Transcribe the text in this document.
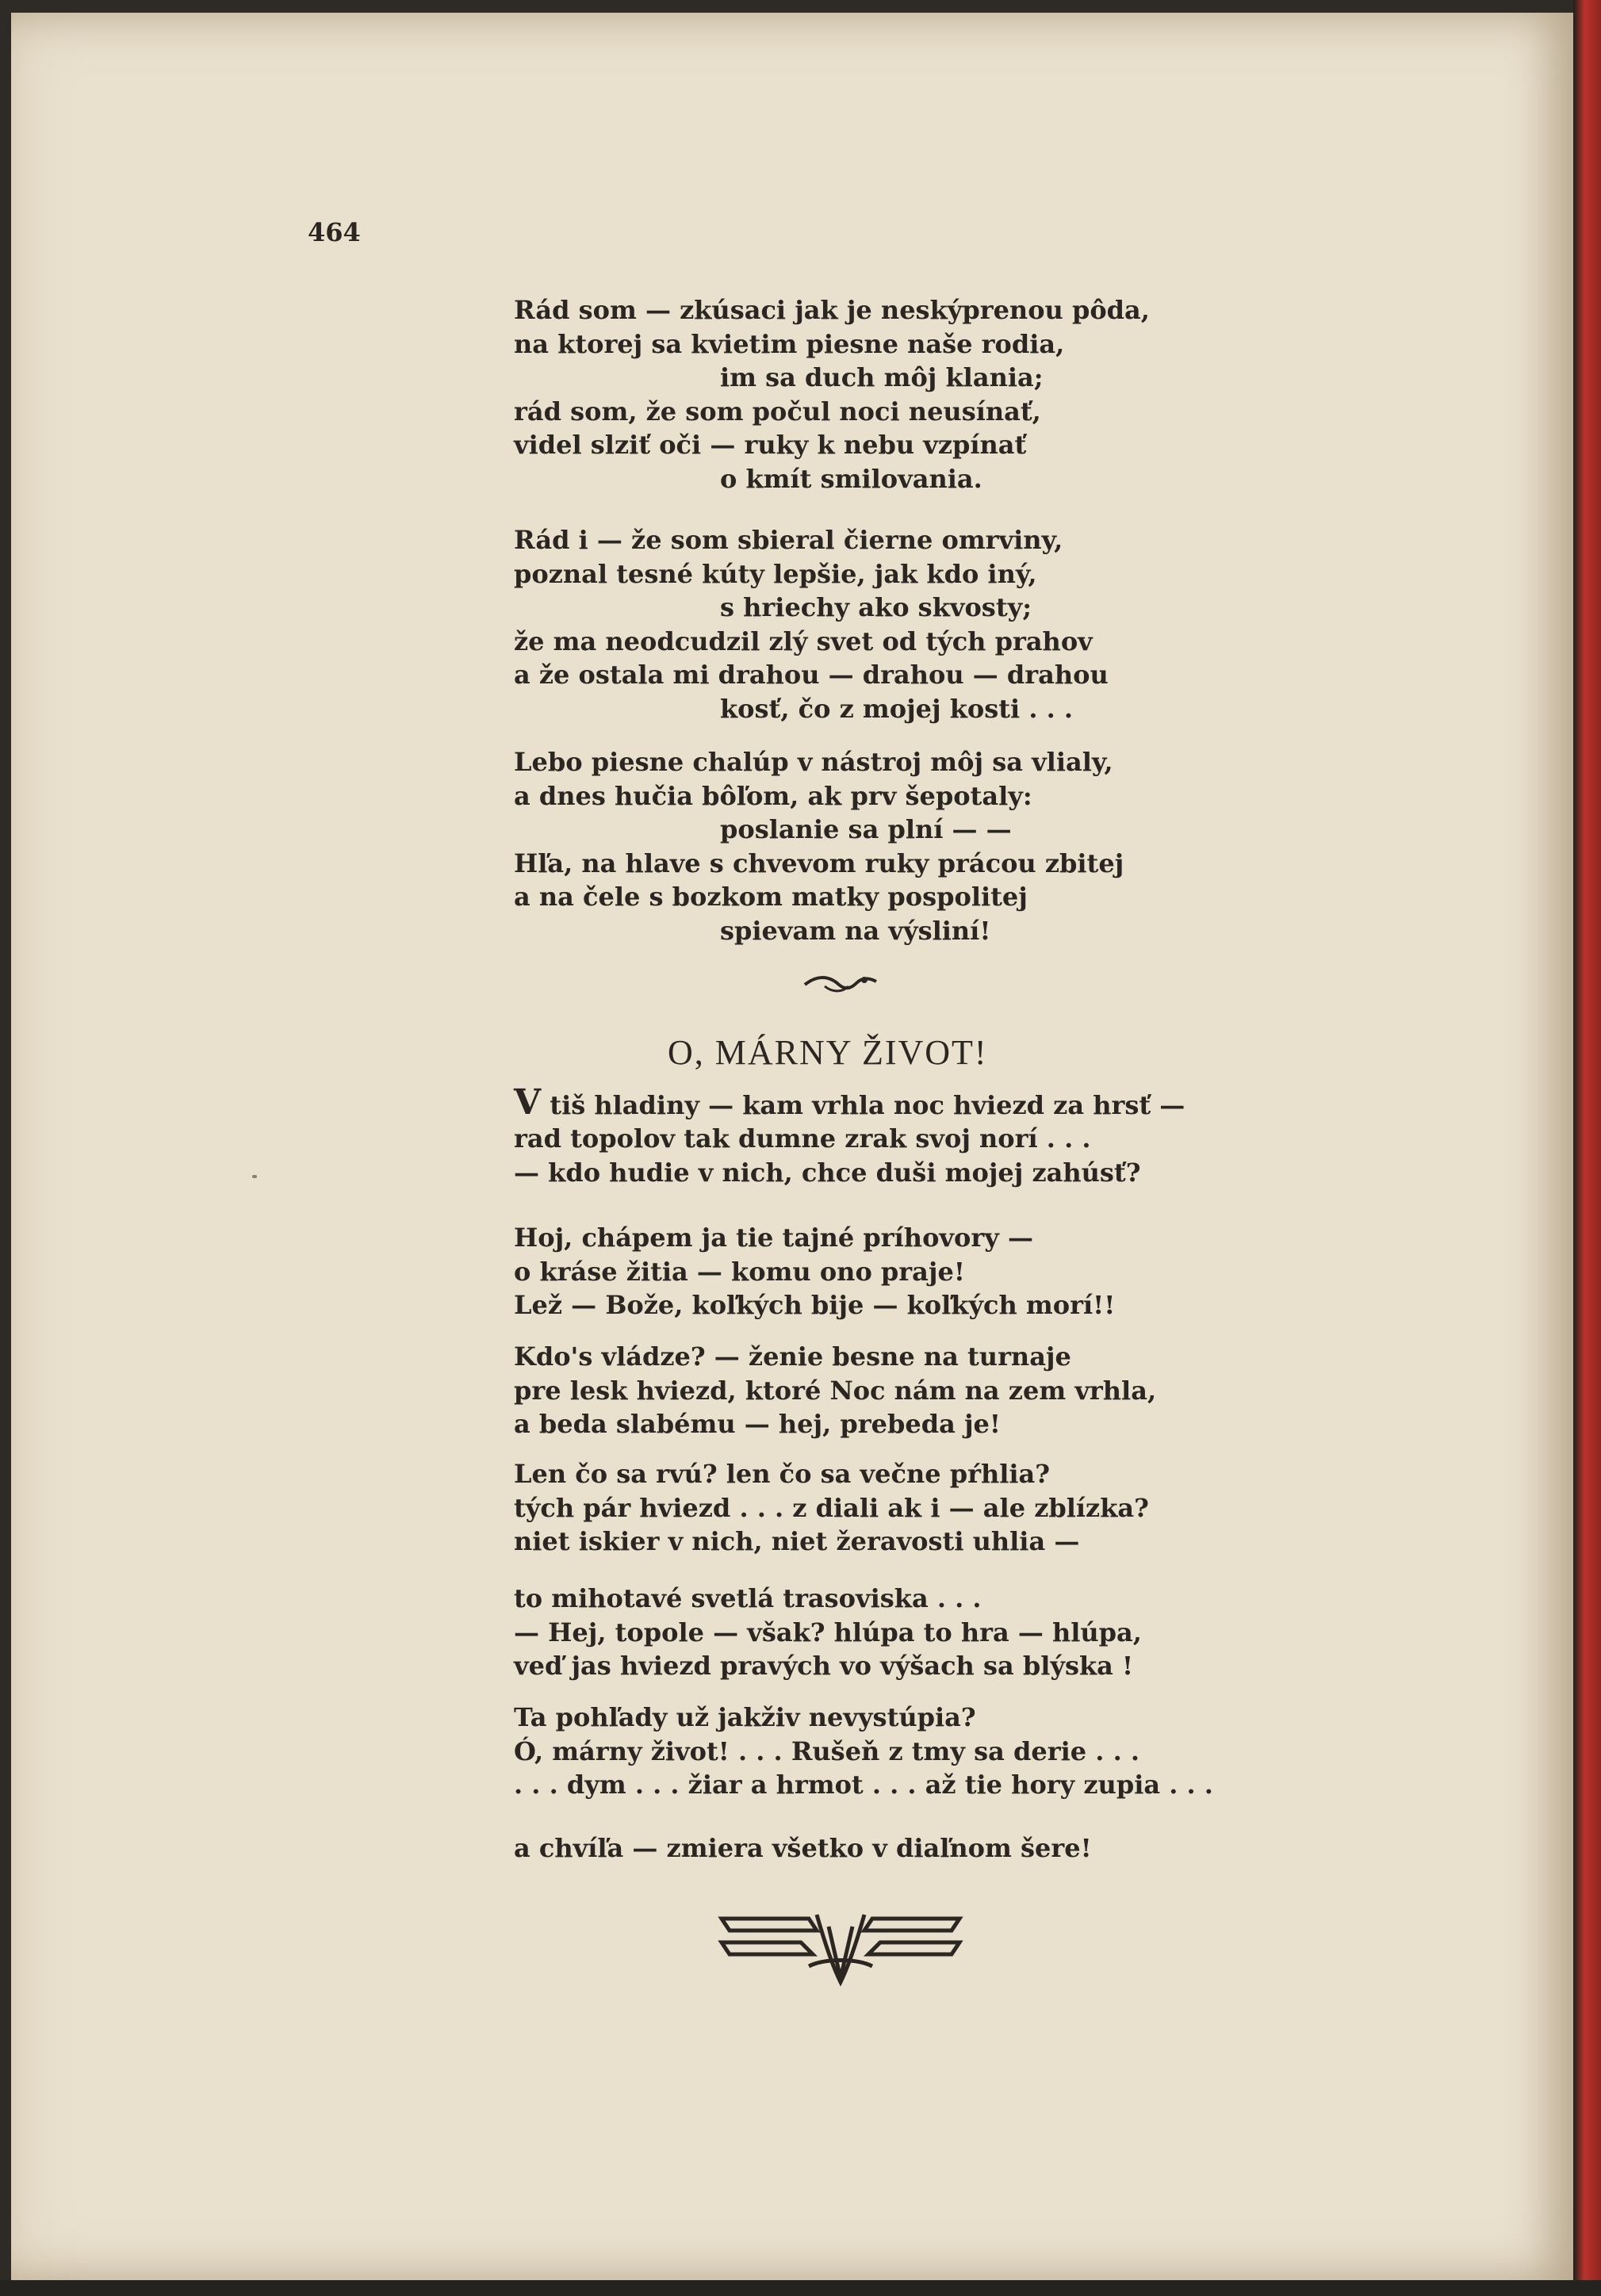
464
Rád som — zkúsaci jak je neskýprenou pôda,
na ktorej sa kvietim piesne naše rodia,
im sa duch môj klania;
rád som, že som počul noci neusínať,
videl slziť oči — ruky k nebu vzpínať
o kmít smilovania.
Rád i — že som sbieral čierne omrviny,
poznal tesné kúty lepšie, jak kdo iný,
s hriechy ako skvosty;
že ma neodcudzil zlý svet od tých prahov
a že ostala mi drahou — drahou — drahou
kosť, čo z mojej kosti . . .
Lebo piesne chalúp v nástroj môj sa vlialy,
a dnes hučia bôľom, ak prv šepotaly:
poslanie sa plní — —
Hľa, na hlave s chvevom ruky prácou zbitej
a na čele s bozkom matky pospolitej
spievam na výsliní!
O, MÁRNY ŽIVOT!
V tiš hladiny — kam vrhla noc hviezd za hrsť —
rad topolov tak dumne zrak svoj norí . . .
— kdo hudie v nich, chce duši mojej zahúsť?
Hoj, chápem ja tie tajné príhovory —
o kráse žitia — komu ono praje!
Lež — Bože, koľkých bije — koľkých morí!!
Kdo's vládze? — ženie besne na turnaje
pre lesk hviezd, ktoré Noc nám na zem vrhla,
a beda slabému — hej, prebeda je!
Len čo sa rvú? len čo sa večne pŕhlia?
tých pár hviezd . . . z diali ak i — ale zblízka?
niet iskier v nich, niet žeravosti uhlia —
to mihotavé svetlá trasoviska . . .
— Hej, topole — však? hlúpa to hra — hlúpa,
veď jas hviezd pravých vo výšach sa blýska !
Ta pohľady už jakživ nevystúpia?
Ó, márny život! . . . Rušeň z tmy sa derie . . .
. . . dym . . . žiar a hrmot . . . až tie hory zupia . . .
a chvíľa — zmiera všetko v diaľnom šere!
